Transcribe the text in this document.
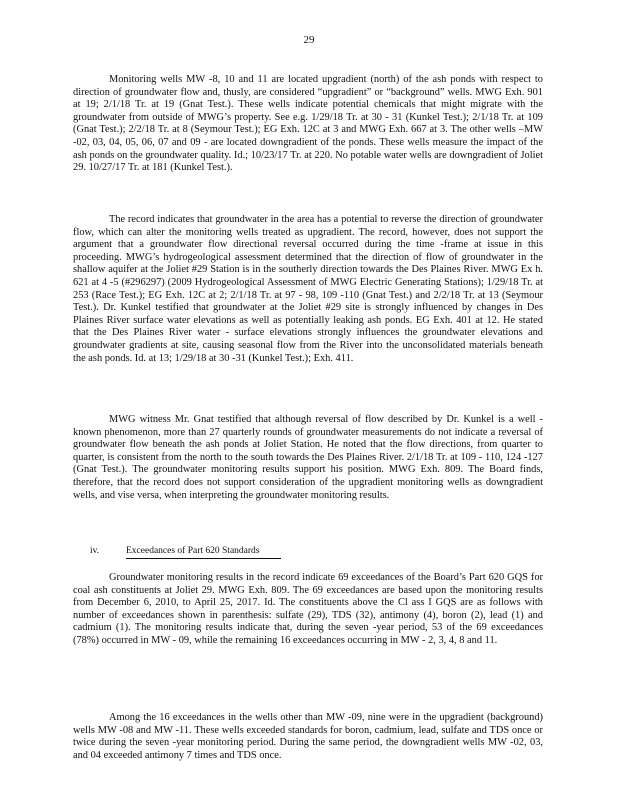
29

Monitoring wells MW -8, 10 and 11 are located upgradient (north) of the ash ponds with respect to direction of groundwater flow and, thusly, are considered “upgradient” or “background” wells. MWG Exh. 901 at 19; 2/1/18 Tr. at 19 (Gnat Test.). These wells indicate potential chemicals that might migrate with the groundwater from outside of MWG’s property. See e.g. 1/29/18 Tr. at 30 - 31 (Kunkel Test.); 2/1/18 Tr. at 109 (Gnat Test.); 2/2/18 Tr. at 8 (Seymour Test.); EG Exh. 12C at 3 and MWG Exh. 667 at 3. The other wells –MW -02, 03, 04, 05, 06, 07 and 09 - are located downgradient of the ponds. These wells measure the impact of the ash ponds on the groundwater quality. Id.; 10/23/17 Tr. at 220. No potable water wells are downgradient of Joliet 29. 10/27/17 Tr. at 181 (Kunkel Test.).

The record indicates that groundwater in the area has a potential to reverse the direction of groundwater flow, which can alter the monitoring wells treated as upgradient. The record, however, does not support the argument that a groundwater flow directional reversal occurred during the time -frame at issue in this proceeding. MWG’s hydrogeological assessment determined that the direction of flow of groundwater in the shallow aquifer at the Joliet #29 Station is in the southerly direction towards the Des Plaines River. MWG Ex h. 621 at 4 -5 (#296297) (2009 Hydrogeological Assessment of MWG Electric Generating Stations); 1/29/18 Tr. at 253 (Race Test.); EG Exh. 12C at 2; 2/1/18 Tr. at 97 - 98, 109 -110 (Gnat Test.) and 2/2/18 Tr. at 13 (Seymour Test.). Dr. Kunkel testified that groundwater at the Joliet #29 site is strongly influenced by changes in Des Plaines River surface water elevations as well as potentially leaking ash ponds. EG Exh. 401 at 12. He stated that the Des Plaines River water - surface elevations strongly influences the groundwater elevations and groundwater gradients at site, causing seasonal flow from the River into the unconsolidated materials beneath the ash ponds. Id. at 13; 1/29/18 at 30 -31 (Kunkel Test.); Exh. 411.

MWG witness Mr. Gnat testified that although reversal of flow described by Dr. Kunkel is a well -known phenomenon, more than 27 quarterly rounds of groundwater measurements do not indicate a reversal of groundwater flow beneath the ash ponds at Joliet Station. He noted that the flow directions, from quarter to quarter, is consistent from the north to the south towards the Des Plaines River. 2/1/18 Tr. at 109 - 110, 124 -127 (Gnat Test.). The groundwater monitoring results support his position. MWG Exh. 809. The Board finds, therefore, that the record does not support consideration of the upgradient monitoring wells as downgradient wells, and vise versa, when interpreting the groundwater monitoring results.

iv.	Exceedances of Part 620 Standards

Groundwater monitoring results in the record indicate 69 exceedances of the Board’s Part 620 GQS for coal ash constituents at Joliet 29. MWG Exh. 809. The 69 exceedances are based upon the monitoring results from December 6, 2010, to April 25, 2017. Id. The constituents above the Cl ass I GQS are as follows with number of exceedances shown in parenthesis: sulfate (29), TDS (32), antimony (4), boron (2), lead (1) and cadmium (1). The monitoring results indicate that, during the seven -year period, 53 of the 69 exceedances (78%) occurred in MW - 09, while the remaining 16 exceedances occurring in MW - 2, 3, 4, 8 and 11.

Among the 16 exceedances in the wells other than MW -09, nine were in the upgradient (background) wells MW -08 and MW -11. These wells exceeded standards for boron, cadmium, lead, sulfate and TDS once or twice during the seven -year monitoring period. During the same period, the downgradient wells MW -02, 03, and 04 exceeded antimony 7 times and TDS once.
